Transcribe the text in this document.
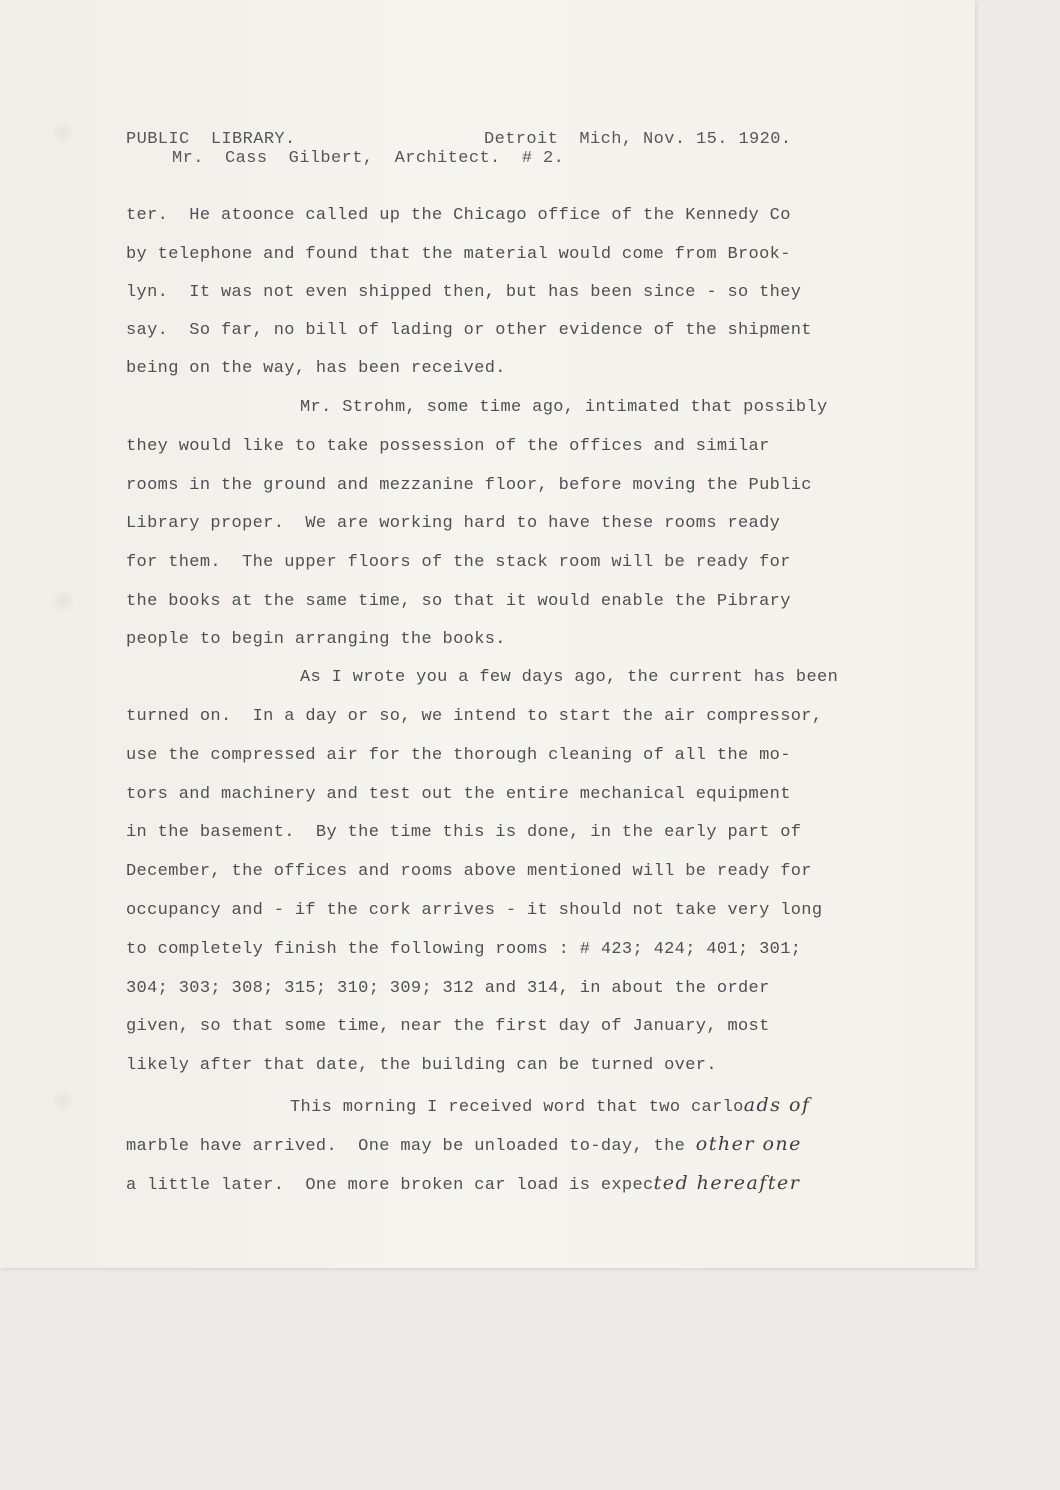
PUBLIC  LIBRARY.	Detroit  Mich, Nov. 15. 1920.
Mr.  Cass  Gilbert,  Architect.  # 2.
ter.  He atoonce called up the Chicago office of the Kennedy Co
by telephone and found that the material would come from Brook-
lyn.  It was not even shipped then, but has been since - so they
say.  So far, no bill of lading or other evidence of the shipment
being on the way, has been received.
Mr. Strohm, some time ago, intimated that possibly
they would like to take possession of the offices and similar
rooms in the ground and mezzanine floor, before moving the Public
Library proper.  We are working hard to have these rooms ready
for them.  The upper floors of the stack room will be ready for
the books at the same time, so that it would enable the Pibrary
people to begin arranging the books.
As I wrote you a few days ago, the current has been
turned on.  In a day or so, we intend to start the air compressor,
use the compressed air for the thorough cleaning of all the mo-
tors and machinery and test out the entire mechanical equipment
in the basement.  By the time this is done, in the early part of
December, the offices and rooms above mentioned will be ready for
occupancy and - if the cork arrives - it should not take very long
to completely finish the following rooms : # 423; 424; 401; 301;
304; 303; 308; 315; 310; 309; 312 and 314, in about the order
given, so that some time, near the first day of January, most
likely after that date, the building can be turned over.
This morning I received word that two carloads of
marble have arrived.  One may be unloaded to-day, the other one
a little later.  One more broken car load is expected hereafter
